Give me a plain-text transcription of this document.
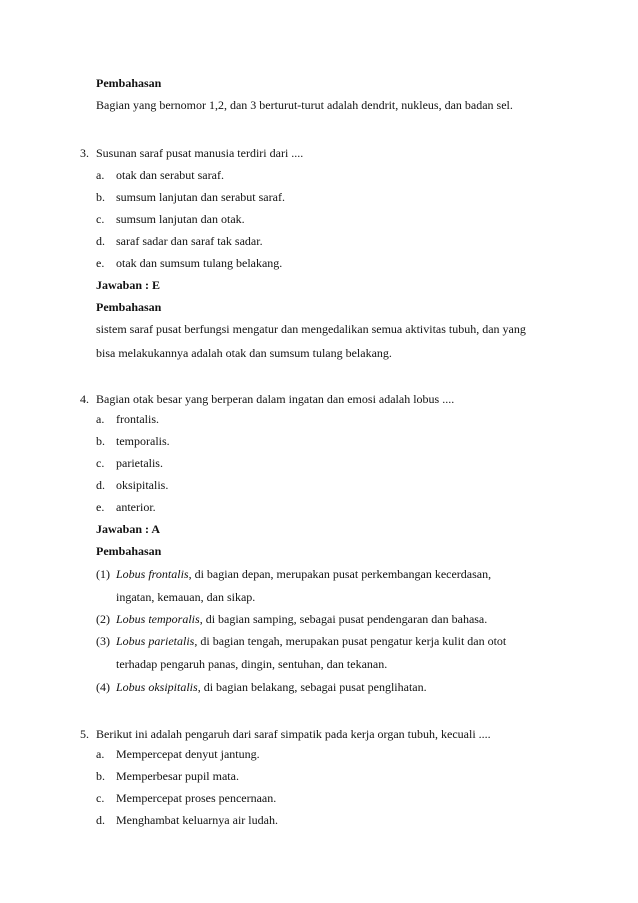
Pembahasan
Bagian yang bernomor 1,2, dan 3 berturut-turut adalah dendrit, nukleus, dan badan sel.
3. Susunan saraf pusat manusia terdiri dari ....
a. otak dan serabut saraf.
b. sumsum lanjutan dan serabut saraf.
c. sumsum lanjutan dan otak.
d. saraf sadar dan saraf tak sadar.
e. otak dan sumsum tulang belakang.
Jawaban : E
Pembahasan
sistem saraf pusat berfungsi mengatur dan mengedalikan semua aktivitas tubuh, dan yang
bisa melakukannya adalah otak dan sumsum tulang belakang.
4. Bagian otak besar yang berperan dalam ingatan dan emosi adalah lobus ....
a. frontalis.
b. temporalis.
c. parietalis.
d. oksipitalis.
e. anterior.
Jawaban : A
Pembahasan
(1) Lobus frontalis, di bagian depan, merupakan pusat perkembangan kecerdasan,
ingatan, kemauan, dan sikap.
(2) Lobus temporalis, di bagian samping, sebagai pusat pendengaran dan bahasa.
(3) Lobus parietalis, di bagian tengah, merupakan pusat pengatur kerja kulit dan otot
terhadap pengaruh panas, dingin, sentuhan, dan tekanan.
(4) Lobus oksipitalis, di bagian belakang, sebagai pusat penglihatan.
5. Berikut ini adalah pengaruh dari saraf simpatik pada kerja organ tubuh, kecuali ....
a. Mempercepat denyut jantung.
b. Memperbesar pupil mata.
c. Mempercepat proses pencernaan.
d. Menghambat keluarnya air ludah.
